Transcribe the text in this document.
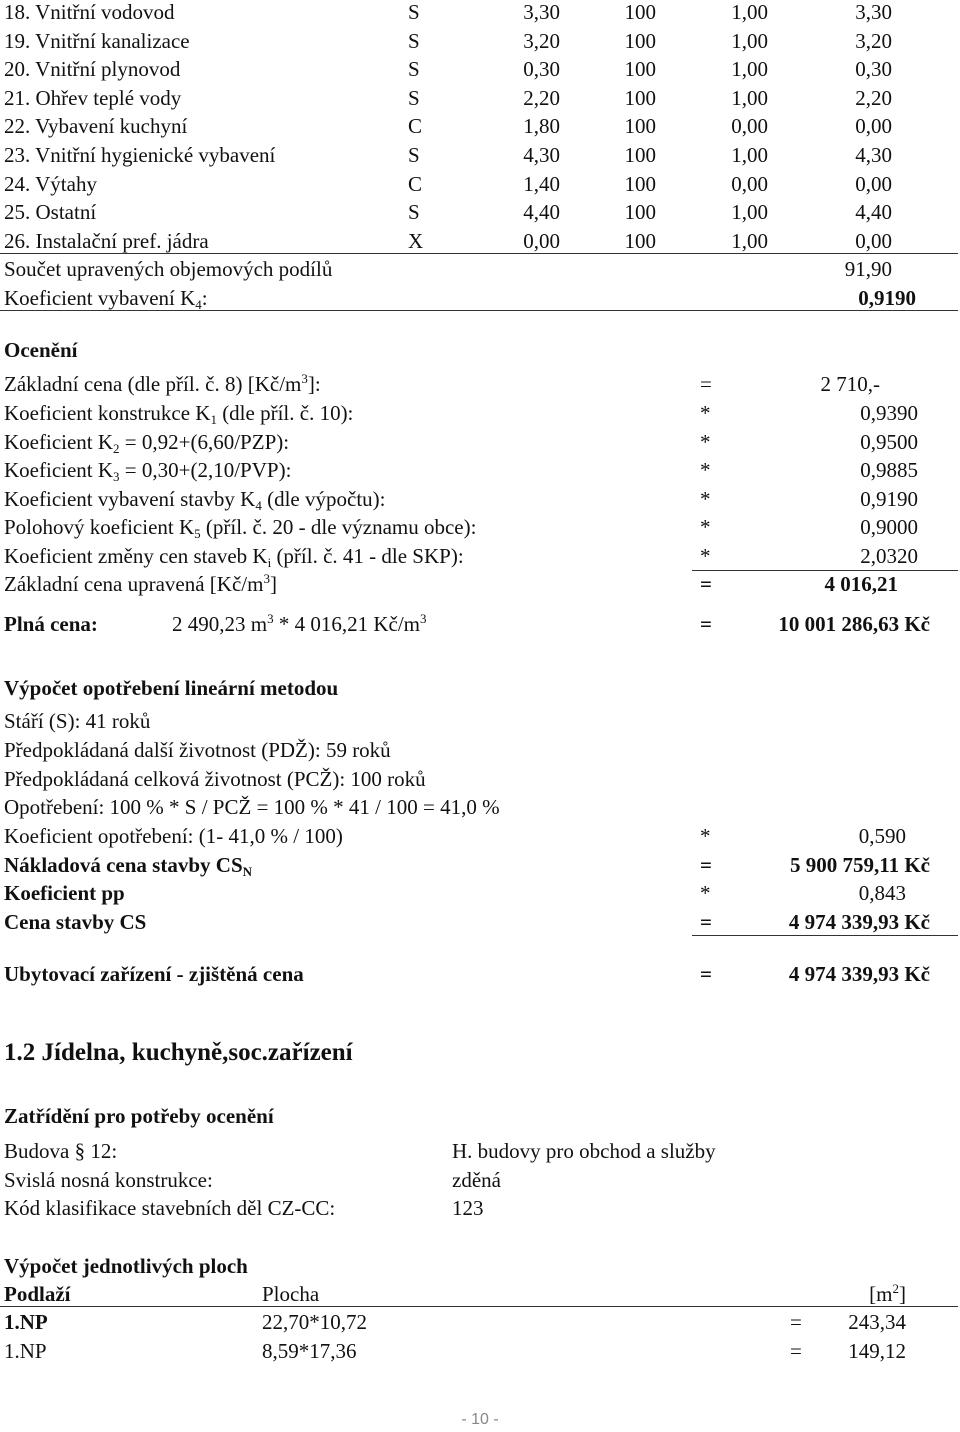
18. Vnitřní vodovod	S	3,30	100	1,00	3,30
19. Vnitřní kanalizace	S	3,20	100	1,00	3,20
20. Vnitřní plynovod	S	0,30	100	1,00	0,30
21. Ohřev teplé vody	S	2,20	100	1,00	2,20
22. Vybavení kuchyní	C	1,80	100	0,00	0,00
23. Vnitřní hygienické vybavení	S	4,30	100	1,00	4,30
24. Výtahy	C	1,40	100	0,00	0,00
25. Ostatní	S	4,40	100	1,00	4,40
26. Instalační pref. jádra	X	0,00	100	1,00	0,00
Součet upravených objemových podílů	91,90
Koeficient vybavení $K_4$:	0,9190
Ocenění
Základní cena (dle příl. č. 8) $[Kč/m^3]$:	=	2 710,-
Koeficient konstrukce $K_1$ (dle příl. č. 10):	*	0,9390
Koeficient $K_2 = 0,92+(6,60/PZP)$:	*	0,9500
Koeficient $K_3 = 0,30+(2,10/PVP)$:	*	0,9885
Koeficient vybavení stavby $K_4$ (dle výpočtu):	*	0,9190
Polohový koeficient $K_5$ (příl. č. 20 - dle významu obce):	*	0,9000
Koeficient změny cen staveb $K_i$ (příl. č. 41 - dle SKP):	*	2,0320
Základní cena upravená $[Kč/m^3]$	=	4 016,21
Plná cena:	2 490,23 $m^3 * 4$ 016,21 $Kč/m^3$	=	10 001 286,63 Kč
Výpočet opotřebení lineární metodou
Stáří (S): 41 roků
Předpokládaná další životnost (PDŽ): 59 roků
Předpokládaná celková životnost (PCŽ): 100 roků
Opotřebení: 100 % * S / PCŽ = 100 % * 41 / 100 = 41,0 %
Koeficient opotřebení: (1- 41,0 % / 100)	*	0,590
Nákladová cena stavby $CS_N$	=	5 900 759,11 Kč
Koeficient pp	*	0,843
Cena stavby CS	=	4 974 339,93 Kč
Ubytovací zařízení - zjištěná cena	=	4 974 339,93 Kč
1.2 Jídelna, kuchyně,soc.zařízení
Zatřídění pro potřeby ocenění
Budova § 12:	H. budovy pro obchod a služby
Svislá nosná konstrukce:	zděná
Kód klasifikace stavebních děl CZ-CC:	123
Výpočet jednotlivých ploch
Podlaží	Plocha	$[m^2]$
1.NP	22,70*10,72	=	243,34
1.NP	8,59*17,36	=	149,12
- 10 -
